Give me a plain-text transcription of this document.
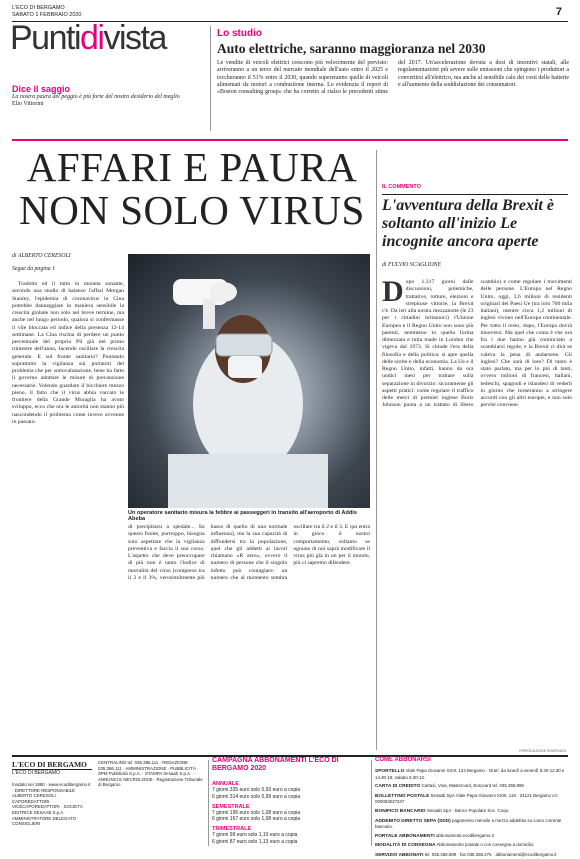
L'ECO DI BERGAMO
SABATO 1 FEBBRAIO 2020	7
Puntidivista
Dice il saggio
La nostra paura del peggio è più forte del nostro desiderio del meglio
Elio Vittorini
Lo studio
Auto elettriche, saranno maggioranza nel 2030
Le vendite di veicoli elettrici crescono più velocemente del previsto: arriveranno a un terzo del mercato mondiale dell'auto entro il 2025 e toccheranno il 51% entro il 2030, quando supereranno quelle di veicoli alimentati da motori a combustione interna. Lo evidenzia il report di «Boston consulting group» che ha corretto al rialzo le precedenti stime del 2017. Un'accelerazione dovuta a dosi di incentivi statali, alle regolamentazioni più severe sulle emissioni che spingono i produttori a convertirsi all'elettrico, ma anche al sensibile calo dei costi delle batterie e all'aumento della soddisfazione dei consumatori.
AFFARI E PAURA
NON SOLO VIRUS
di ALBERTO CERESOLI
Segue da pagina 1

Tradotto ed il tutto in moneta sonante, secondo una studio di balance l'affari Morgan Stanley, l'epidemia di coronavirus in Cina potrebbe danneggiare in maniera sensibile la crescita globale non solo nel breve termine, ma anche nel lungo periodo, qualora si confermasse il vile bloccata ed indice della presenza 12-14 settimane. La Cina rischia di perdere un punto percentuale del proprio Pil già nel primo trimestre dell'anno, facendo oscillare la crescita generale. E sul fronte sanitario? Puntando soprattutto la vigilanza sui portatori del problema che per sottovalutazione, bene ha fatto il governo adottare le misure di precauzione necessarie. Volendo guardare il bicchiere mezzo pieno, il fatto che il virus abbia varcato le frontiere della Grande Muraglia ha avuto sviluppo, ecco che ora le autorità non stanno più nascondendo il problema come invece avvenne in passato.

Un operatore sanitario misura la febbre ai passeggeri in transito all'aeroporto di Addis Abeba
di precipitarsi a spedale... Su questo fronte, purtroppo, bisogna solo aspettare che la vigilanza preventiva e faccia il suo corso. L'aspetto che deve preoccupare di più non è tanto l'indice di mortalità del virus (compreso tra il 2 e il 3%, verosimilmente più basso di quello di una normale influenza), ma la sua capacità di diffondersi tra la popolazione, quel che gli addetti ai lavori chiamano «R zero», ovvero il numero di persone che il singolo infetto può contagiare: un numero che al momento sembra oscillare tra il 2 e il 3. E qui entra in gioco il nostro comportamento, soltanto se ognuno di noi saprà modificare il virus più già in un per il mondo, più ci sapremo difendere.
IL COMMENTO
L'avventura della Brexit è soltanto all'inizio Le incognite ancora aperte
di FULVIO SCAGLIONE
Dopo 1.317 giorni dalle discussioni, polemiche, trattative, rotture, elezioni e strepitose vittorie, la Brexit c'è. Da ieri alla nostra mezzanotte (le 23 per i cittadini britannici) l'Unione Europea e il Regno Unito non sono più parenti, nemmeno in quella forma dimezzata e tutta made in London che vigeva dal 1973. Si chiude l'era della filosofia e della politica: si apre quella delle scelte e della economia. La Ue e il Regno Unito, infatti, hanno da ora undici mesi per trattare sulla separazione in divorzio: sicuramente gli aspetti pratici: come regolare il traffico delle merci di premier inglese Boris Johnson punta a un trattato di libero scambio) e come regolare i movimenti delle persone. L'Europa nel Regno Unito, oggi, 3,6 milioni di residenti originari dei Paesi Ue (tra loro 700 mila italiani), mentre circa 1,2 milioni di inglesi vivono nell'Europa continentale. Per tutto il resto, dopo, l'Europa dovrà muoversi. Ma quel che conta è che ora fra i due hanno già cominciato a scambiarsi regole, e la Brexit ci dirà se valeva la pena di andarsene. Gli inglesi? Che sarà di loro? Di tanto è stato parlato, ma per lo più di tanti, ovvero milioni di francesi, italiani, tedeschi, spagnoli e islandesi di vederli in giorno che torneranno a stringere accordi con gli altri europei, e non solo perché conviene.
RIPRODUZIONE RISERVATA
L'ECO DI BERGAMO
L'ECO DI BERGAMO
fondato nel 1880 · www.ecodibergamo.it · DIRETTORE RESPONSABILE ALBERTO CERESOLI · CAPOREDATTORI · VICECAPOREDATTORI · SOCIETÀ EDITRICE SESAAB S.p.A. · AMMINISTRATORE DELEGATO · CONSIGLIERI
CENTRALINO tel. 035.386.111 · REDAZIONE 035.386.111 · AMMINISTRAZIONE · PUBBLICITÀ · SPM Pubblicità S.p.A. · STAMPA Sesaab S.p.A. · ANNUNCI E NECROLOGIE · Registrazione Tribunale di Bergamo
CAMPAGNA ABBONAMENTI L'ECO DI BERGAMO 2020
ANNUALE
7 giorni 335 euro solo 0,93 euro a copia
6 giorni 314 euro solo 0,99 euro a copia
SEMESTRALE
7 giorni 195 euro solo 1,08 euro a copia
6 giorni 167 euro solo 1,08 euro a copia
TRIMESTRALE
7 giorni 99 euro solo 1,10 euro a copia
6 giorni 87 euro solo 1,13 euro a copia
COME ABBONARSI
SPORTELLO Viale Papa Giovanni XXIII, 124 Bergamo · Orari: da lunedì a venerdì 8.30-12.30 e 14.30-18; sabato 8.30-12.
CARTA DI CREDITO Cartasì, Visa, Mastercard, Eurocard tel. 035.358.899
BOLLETTINO POSTALE Sesaab SpA Viale Papa Giovanni XXIII, 118 · 24121 Bergamo c/c 000003527247
BONIFICO BANCARIO Sesaab SpA · Banco Popolare Soc. Coop.
ADDEBITO DIRETTO SEPA (SDD) pagamento mensile a mezzo addebito su conto corrente bancario.
PORTALE ABBONAMENTI abbonamenti.ecodibergamo.it
MODALITÀ DI CONSEGNA Abbonamento postale o con consegna a domicilio.
SERVIZIO ABBONATI tel. 035.358.899 · fax 035.358.275 · abbonamenti@ecodibergamo.it
